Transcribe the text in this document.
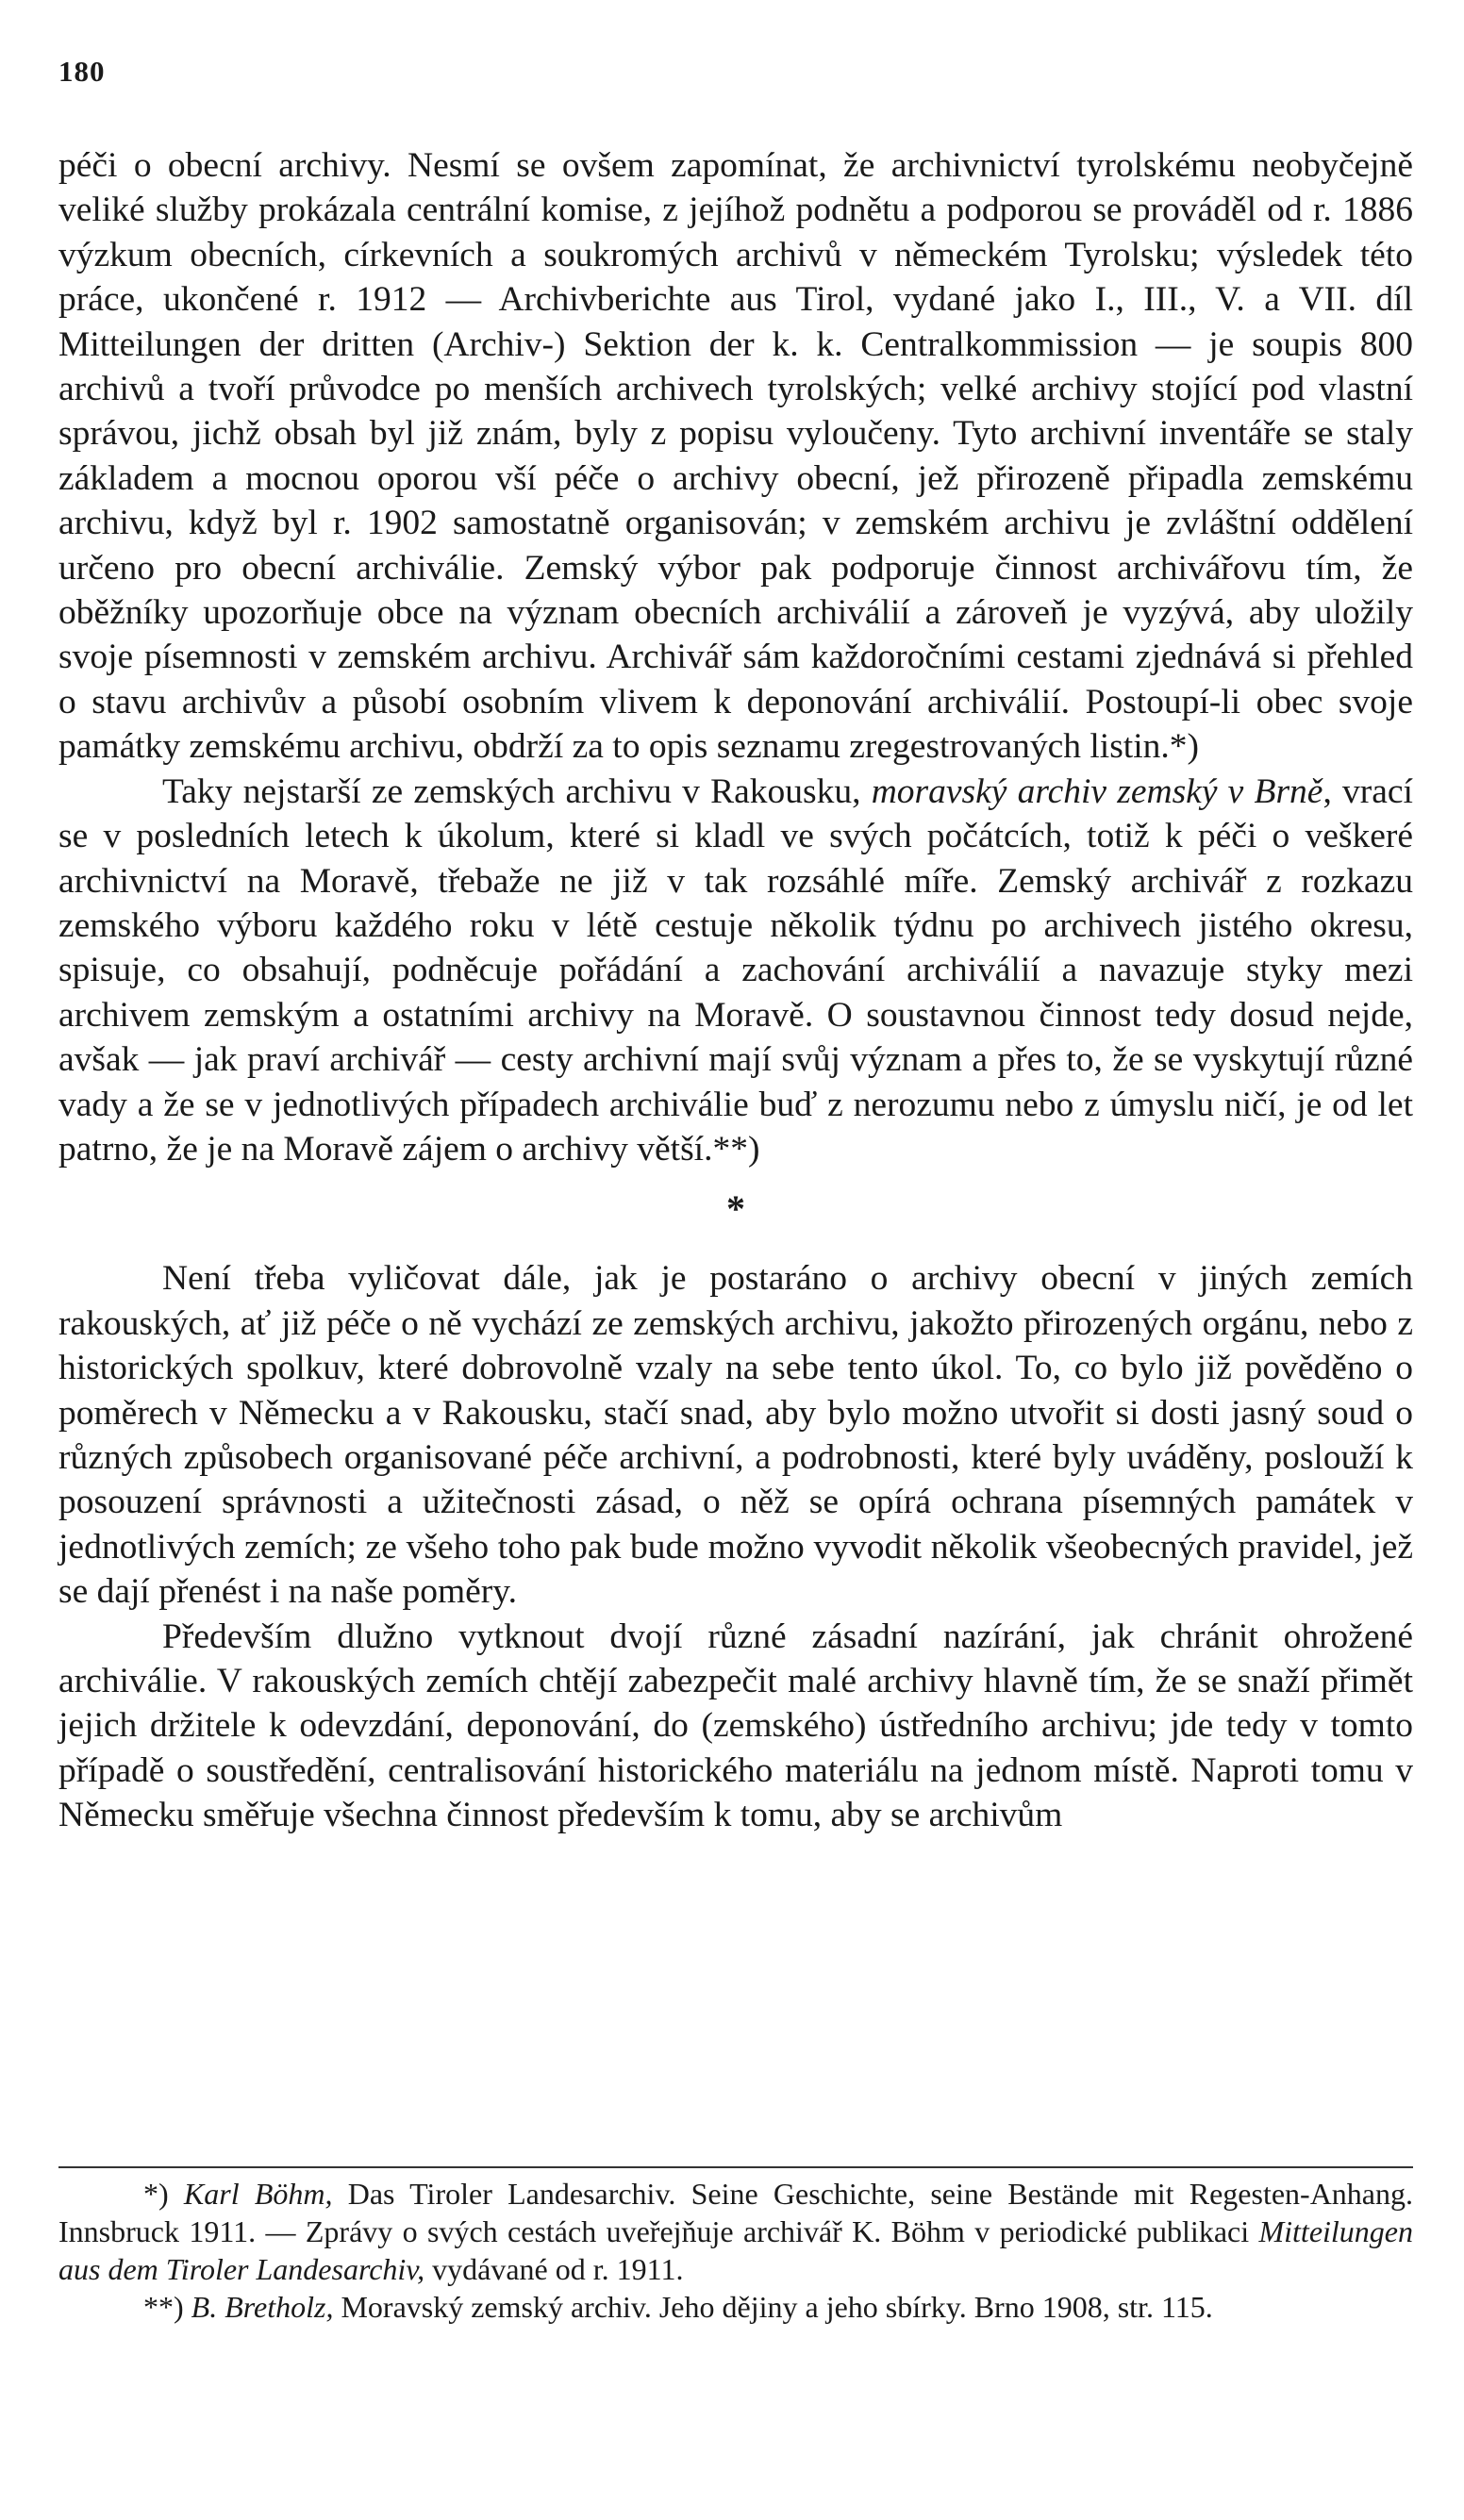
180

péči o obecní archivy. Nesmí se ovšem zapomínat, že archivnictví tyrolskému neobyčejně veliké služby prokázala centrální komise, z jejíhož podnětu a podporou se prováděl od r. 1886 výzkum obecních, církevních a soukromých archivů v německém Tyrolsku; výsledek této práce, ukončené r. 1912 — Archivberichte aus Tirol, vydané jako I., III., V. a VII. díl Mitteilungen der dritten (Archiv-) Sektion der k. k. Centralkommission — je soupis 800 archivů a tvoří průvodce po menších archivech tyrolských; velké archivy stojící pod vlastní správou, jichž obsah byl již znám, byly z popisu vyloučeny. Tyto archivní inventáře se staly základem a mocnou oporou vší péče o archivy obecní, jež přirozeně připadla zemskému archivu, když byl r. 1902 samostatně organisován; v zemském archivu je zvláštní oddělení určeno pro obecní archiválie. Zemský výbor pak podporuje činnost archivářovu tím, že oběžníky upozorňuje obce na význam obecních archiválií a zároveň je vyzývá, aby uložily svoje písemnosti v zemském archivu. Archivář sám každoročními cestami zjednává si přehled o stavu archivův a působí osobním vlivem k deponování archiválií. Postoupí-li obec svoje památky zemskému archivu, obdrží za to opis seznamu zregestrovaných listin.*)

Taky nejstarší ze zemských archivu v Rakousku, moravský archiv zemský v Brně, vrací se v posledních letech k úkolum, které si kladl ve svých počátcích, totiž k péči o veškeré archivnictví na Moravě, třebaže ne již v tak rozsáhlé míře. Zemský archivář z rozkazu zemského výboru každého roku v létě cestuje několik týdnu po archivech jistého okresu, spisuje, co obsahují, podněcuje pořádání a zachování archiválií a navazuje styky mezi archivem zemským a ostatními archivy na Moravě. O soustavnou činnost tedy dosud nejde, avšak — jak praví archivář — cesty archivní mají svůj význam a přes to, že se vyskytují různé vady a že se v jednotlivých případech archiválie buď z nerozumu nebo z úmyslu ničí, je od let patrno, že je na Moravě zájem o archivy větší.**)

*

Není třeba vyličovat dále, jak je postaráno o archivy obecní v jiných zemích rakouských, ať již péče o ně vychází ze zemských archivu, jakožto přirozených orgánu, nebo z historických spolkuv, které dobrovolně vzaly na sebe tento úkol. To, co bylo již pověděno o poměrech v Německu a v Rakousku, stačí snad, aby bylo možno utvořit si dosti jasný soud o různých způsobech organisované péče archivní, a podrobnosti, které byly uváděny, poslouží k posouzení správnosti a užitečnosti zásad, o něž se opírá ochrana písemných památek v jednotlivých zemích; ze všeho toho pak bude možno vyvodit několik všeobecných pravidel, jež se dají přenést i na naše poměry.

Především dlužno vytknout dvojí různé zásadní nazírání, jak chránit ohrožené archiválie. V rakouských zemích chtějí zabezpečit malé archivy hlavně tím, že se snaží přimět jejich držitele k odevzdání, deponování, do (zemského) ústředního archivu; jde tedy v tomto případě o soustředění, centralisování historického materiálu na jednom místě. Naproti tomu v Německu směřuje všechna činnost především k tomu, aby se archivům

*) Karl Böhm, Das Tiroler Landesarchiv. Seine Geschichte, seine Bestände mit Regesten-Anhang. Innsbruck 1911. — Zprávy o svých cestách uveřejňuje archivář K. Böhm v periodické publikaci Mitteilungen aus dem Tiroler Landesarchiv, vydávané od r. 1911.

**) B. Bretholz, Moravský zemský archiv. Jeho dějiny a jeho sbírky. Brno 1908, str. 115.
